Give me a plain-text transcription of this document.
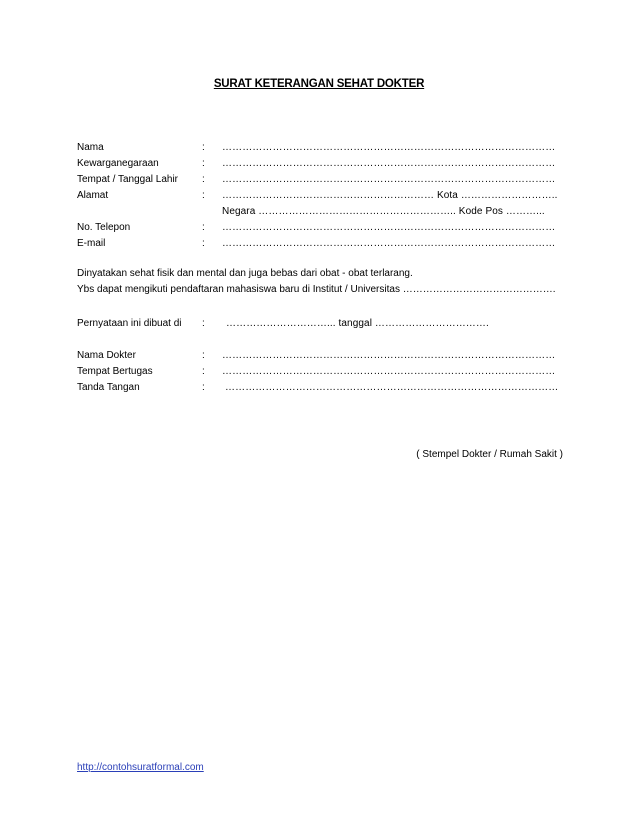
SURAT KETERANGAN SEHAT DOKTER
Nama	: ………………………………………………………………………………………
Kewarganegaraan	: ………………………………………………………………………………………
Tempat / Tanggal Lahir : ………………………………………………………………………………………
Alamat	: ……………………………………………………… Kota ………………………..
Negara ………………………………………………….. Kode Pos ………...
No. Telepon	: ………………………………………………………………………………………
E-mail	: ………………………………………………………………………………………
Dinyatakan sehat fisik dan mental dan juga bebas dari obat - obat terlarang.
Ybs dapat mengikuti pendaftaran mahasiswa baru di Institut / Universitas ……………………………………….
Pernyataan ini dibuat di : …………………………... tanggal …………………………….
Nama Dokter	: ………………………………………………………………………………………
Tempat Bertugas	: ………………………………………………………………………………………
Tanda Tangan	: ………………………………………………………………………………………
( Stempel Dokter / Rumah Sakit )
http://contohsuratformal.com
